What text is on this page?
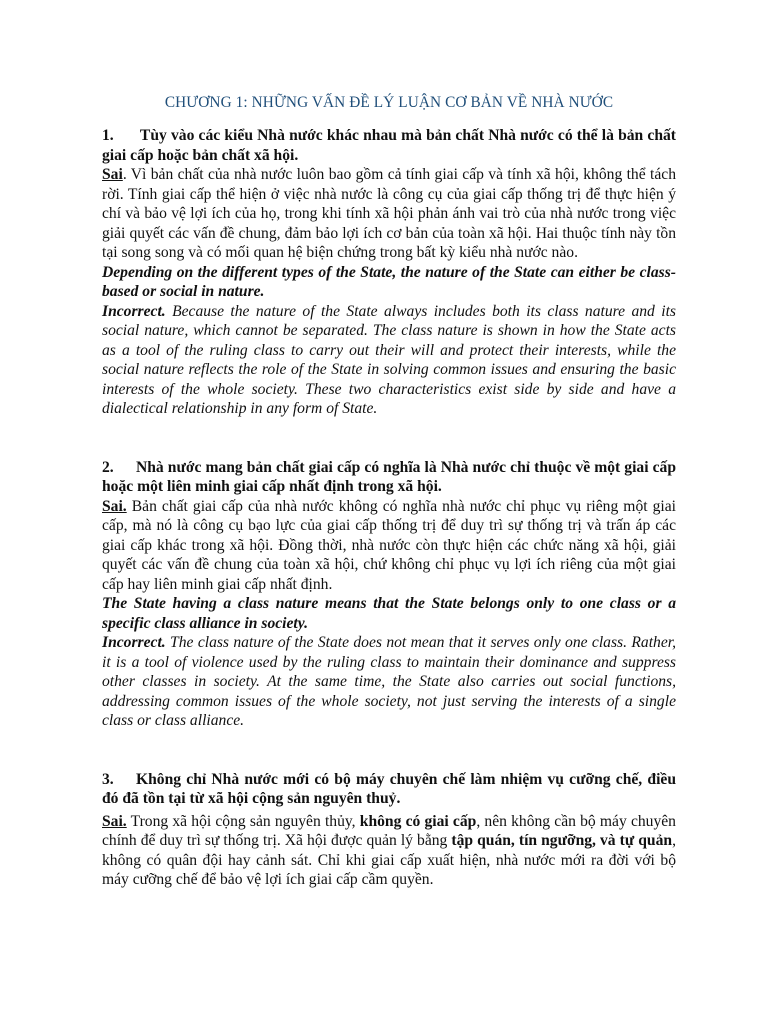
CHƯƠNG 1: NHỮNG VẤN ĐỀ LÝ LUẬN CƠ BẢN VỀ NHÀ NƯỚC

1. Tùy vào các kiểu Nhà nước khác nhau mà bản chất Nhà nước có thể là bản chất giai cấp hoặc bản chất xã hội.

Sai. Vì bản chất của nhà nước luôn bao gồm cả tính giai cấp và tính xã hội, không thể tách rời. Tính giai cấp thể hiện ở việc nhà nước là công cụ của giai cấp thống trị để thực hiện ý chí và bảo vệ lợi ích của họ, trong khi tính xã hội phản ánh vai trò của nhà nước trong việc giải quyết các vấn đề chung, đảm bảo lợi ích cơ bản của toàn xã hội. Hai thuộc tính này tồn tại song song và có mối quan hệ biện chứng trong bất kỳ kiểu nhà nước nào.

Depending on the different types of the State, the nature of the State can either be class-based or social in nature.

Incorrect. Because the nature of the State always includes both its class nature and its social nature, which cannot be separated. The class nature is shown in how the State acts as a tool of the ruling class to carry out their will and protect their interests, while the social nature reflects the role of the State in solving common issues and ensuring the basic interests of the whole society. These two characteristics exist side by side and have a dialectical relationship in any form of State.

2. Nhà nước mang bản chất giai cấp có nghĩa là Nhà nước chỉ thuộc về một giai cấp hoặc một liên minh giai cấp nhất định trong xã hội.

Sai. Bản chất giai cấp của nhà nước không có nghĩa nhà nước chỉ phục vụ riêng một giai cấp, mà nó là công cụ bạo lực của giai cấp thống trị để duy trì sự thống trị và trấn áp các giai cấp khác trong xã hội. Đồng thời, nhà nước còn thực hiện các chức năng xã hội, giải quyết các vấn đề chung của toàn xã hội, chứ không chỉ phục vụ lợi ích riêng của một giai cấp hay liên minh giai cấp nhất định.

The State having a class nature means that the State belongs only to one class or a specific class alliance in society.

Incorrect. The class nature of the State does not mean that it serves only one class. Rather, it is a tool of violence used by the ruling class to maintain their dominance and suppress other classes in society. At the same time, the State also carries out social functions, addressing common issues of the whole society, not just serving the interests of a single class or class alliance.

3. Không chỉ Nhà nước mới có bộ máy chuyên chế làm nhiệm vụ cưỡng chế, điều đó đã tồn tại từ xã hội cộng sản nguyên thuỷ.

Sai. Trong xã hội cộng sản nguyên thủy, không có giai cấp, nên không cần bộ máy chuyên chính để duy trì sự thống trị. Xã hội được quản lý bằng tập quán, tín ngưỡng, và tự quản, không có quân đội hay cảnh sát. Chỉ khi giai cấp xuất hiện, nhà nước mới ra đời với bộ máy cưỡng chế để bảo vệ lợi ích giai cấp cầm quyền.
